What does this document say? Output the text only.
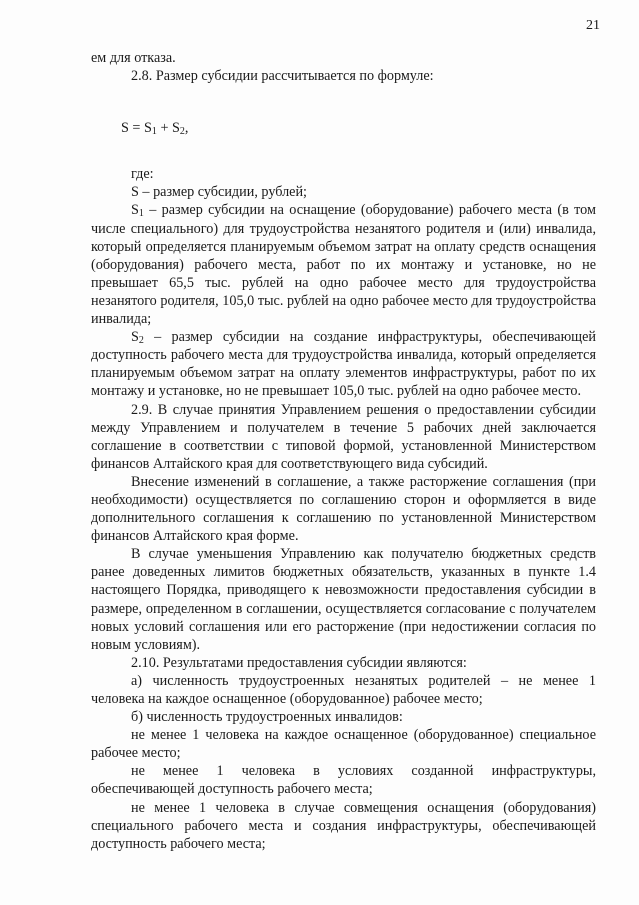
21

ем для отказа.

2.8. Размер субсидии рассчитывается по формуле:

$S = S_1 + S_2$,

где:

S – размер субсидии, рублей;

$S_1$ – размер субсидии на оснащение (оборудование) рабочего места (в том числе специального) для трудоустройства незанятого родителя и (или) инвалида, который определяется планируемым объемом затрат на оплату средств оснащения (оборудования) рабочего места, работ по их монтажу и установке, но не превышает 65,5 тыс. рублей на одно рабочее место для трудоустройства незанятого родителя, 105,0 тыс. рублей на одно рабочее место для трудоустройства инвалида;

$S_2$ – размер субсидии на создание инфраструктуры, обеспечивающей доступность рабочего места для трудоустройства инвалида, который определяется планируемым объемом затрат на оплату элементов инфраструктуры, работ по их монтажу и установке, но не превышает 105,0 тыс. рублей на одно рабочее место.

2.9. В случае принятия Управлением решения о предоставлении субсидии между Управлением и получателем в течение 5 рабочих дней заключается соглашение в соответствии с типовой формой, установленной Министерством финансов Алтайского края для соответствующего вида субсидий.

Внесение изменений в соглашение, а также расторжение соглашения (при необходимости) осуществляется по соглашению сторон и оформляется в виде дополнительного соглашения к соглашению по установленной Министерством финансов Алтайского края форме.

В случае уменьшения Управлению как получателю бюджетных средств ранее доведенных лимитов бюджетных обязательств, указанных в пункте 1.4 настоящего Порядка, приводящего к невозможности предоставления субсидии в размере, определенном в соглашении, осуществляется согласование с получателем новых условий соглашения или его расторжение (при недостижении согласия по новым условиям).

2.10. Результатами предоставления субсидии являются:

а) численность трудоустроенных незанятых родителей – не менее 1 человека на каждое оснащенное (оборудованное) рабочее место;

б) численность трудоустроенных инвалидов:

не менее 1 человека на каждое оснащенное (оборудованное) специальное рабочее место;

не менее 1 человека в условиях созданной инфраструктуры, обеспечивающей доступность рабочего места;

не менее 1 человека в случае совмещения оснащения (оборудования) специального рабочего места и создания инфраструктуры, обеспечивающей доступность рабочего места;
